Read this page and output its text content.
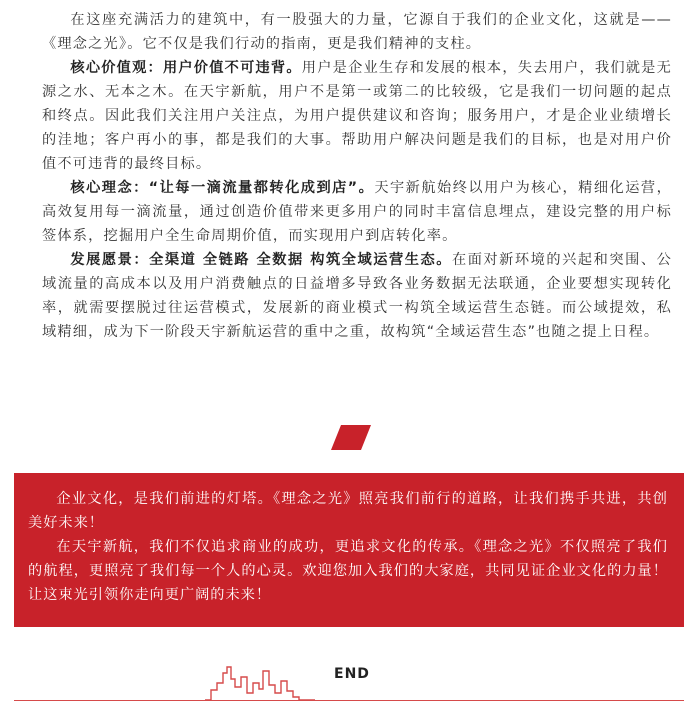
在这座充满活力的建筑中，有一股强大的力量，它源自于我们的企业文化，这就是——《理念之光》。它不仅是我们行动的指南，更是我们精神的支柱。

核心价值观：用户价值不可违背。用户是企业生存和发展的根本，失去用户，我们就是无源之水、无本之木。在天宇新航，用户不是第一或第二的比较级，它是我们一切问题的起点和终点。因此我们关注用户关注点，为用户提供建议和咨询；服务用户，才是企业业绩增长的洼地；客户再小的事，都是我们的大事。帮助用户解决问题是我们的目标，也是对用户价值不可违背的最终目标。

核心理念：“让每一滴流量都转化成到店”。天宇新航始终以用户为核心，精细化运营，高效复用每一滴流量，通过创造价值带来更多用户的同时丰富信息埋点，建设完整的用户标签体系，挖掘用户全生命周期价值，而实现用户到店转化率。

发展愿景：全渠道 全链路 全数据 构筑全域运营生态。在面对新环境的兴起和突围、公域流量的高成本以及用户消费触点的日益增多导致各业务数据无法联通，企业要想实现转化率，就需要摆脱过往运营模式，发展新的商业模式一构筑全域运营生态链。而公域提效，私域精细，成为下一阶段天宇新航运营的重中之重，故构筑“全域运营生态”也随之提上日程。

企业文化，是我们前进的灯塔。《理念之光》照亮我们前行的道路，让我们携手共进，共创美好未来！

在天宇新航，我们不仅追求商业的成功，更追求文化的传承。《理念之光》不仅照亮了我们的航程，更照亮了我们每一个人的心灵。欢迎您加入我们的大家庭，共同见证企业文化的力量！让这束光引领你走向更广阔的未来！

END
